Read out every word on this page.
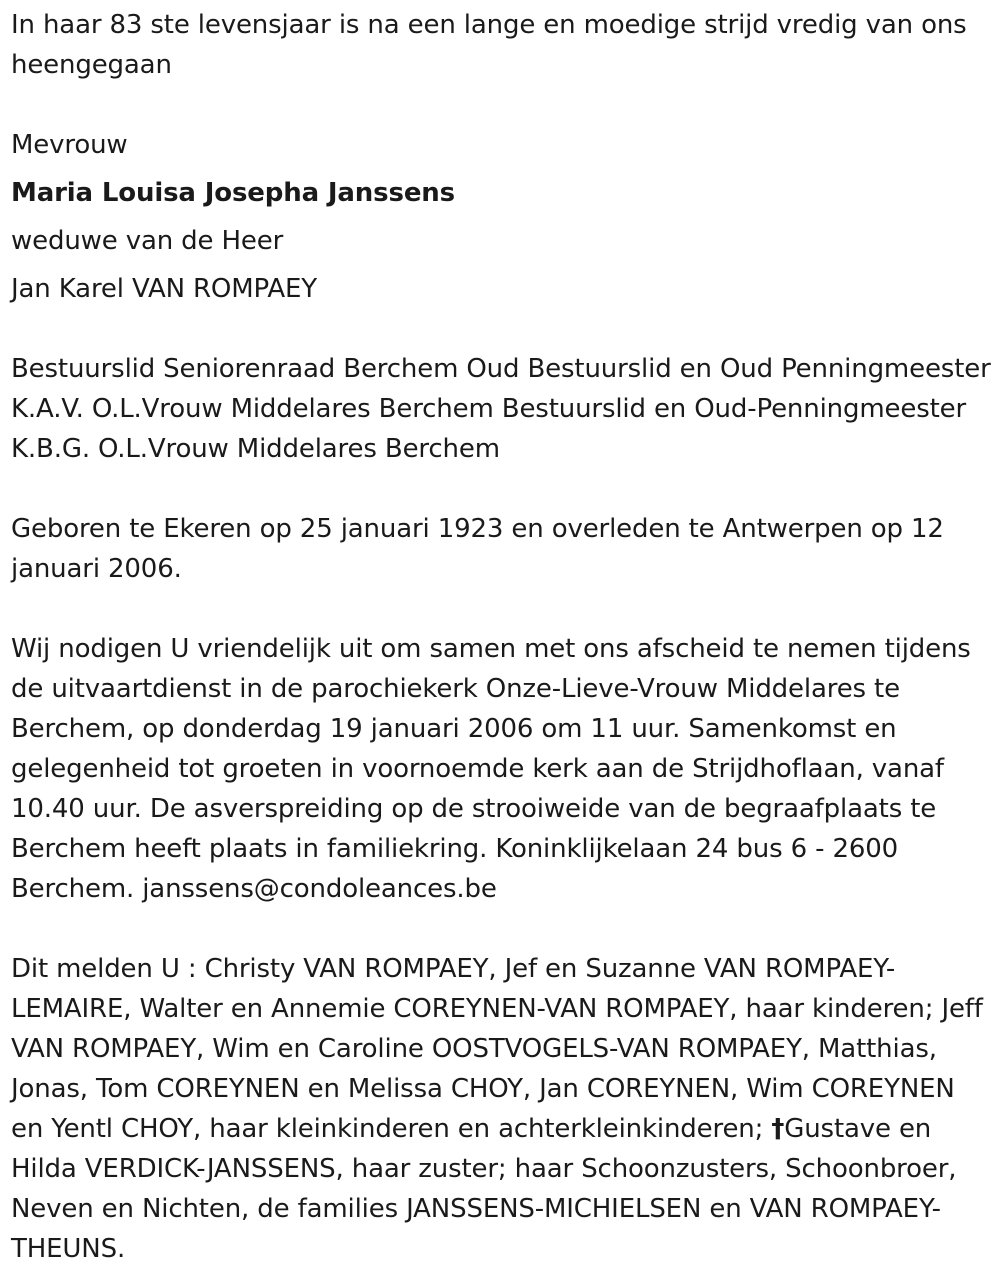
In haar 83 ste levensjaar is na een lange en moedige strijd vredig van ons heengegaan

Mevrouw

Maria Louisa Josepha Janssens

weduwe van de Heer

Jan Karel VAN ROMPAEY

Bestuurslid Seniorenraad Berchem Oud Bestuurslid en Oud Penningmeester K.A.V. O.L.Vrouw Middelares Berchem Bestuurslid en Oud-Penningmeester K.B.G. O.L.Vrouw Middelares Berchem

Geboren te Ekeren op 25 januari 1923 en overleden te Antwerpen op 12 januari 2006.

Wij nodigen U vriendelijk uit om samen met ons afscheid te nemen tijdens de uitvaartdienst in de parochiekerk Onze-Lieve-Vrouw Middelares te Berchem, op donderdag 19 januari 2006 om 11 uur. Samenkomst en gelegenheid tot groeten in voornoemde kerk aan de Strijdhoflaan, vanaf 10.40 uur. De asverspreiding op de strooiweide van de begraafplaats te Berchem heeft plaats in familiekring. Koninklijkelaan 24 bus 6 - 2600 Berchem. janssens@condoleances.be

Dit melden U : Christy VAN ROMPAEY, Jef en Suzanne VAN ROMPAEY-LEMAIRE, Walter en Annemie COREYNEN-VAN ROMPAEY, haar kinderen; Jeff VAN ROMPAEY, Wim en Caroline OOSTVOGELS-VAN ROMPAEY, Matthias, Jonas, Tom COREYNEN en Melissa CHOY, Jan COREYNEN, Wim COREYNEN en Yentl CHOY, haar kleinkinderen en achterkleinkinderen; †Gustave en Hilda VERDICK-JANSSENS, haar zuster; haar Schoonzusters, Schoonbroer, Neven en Nichten, de families JANSSENS-MICHIELSEN en VAN ROMPAEY-THEUNS.
